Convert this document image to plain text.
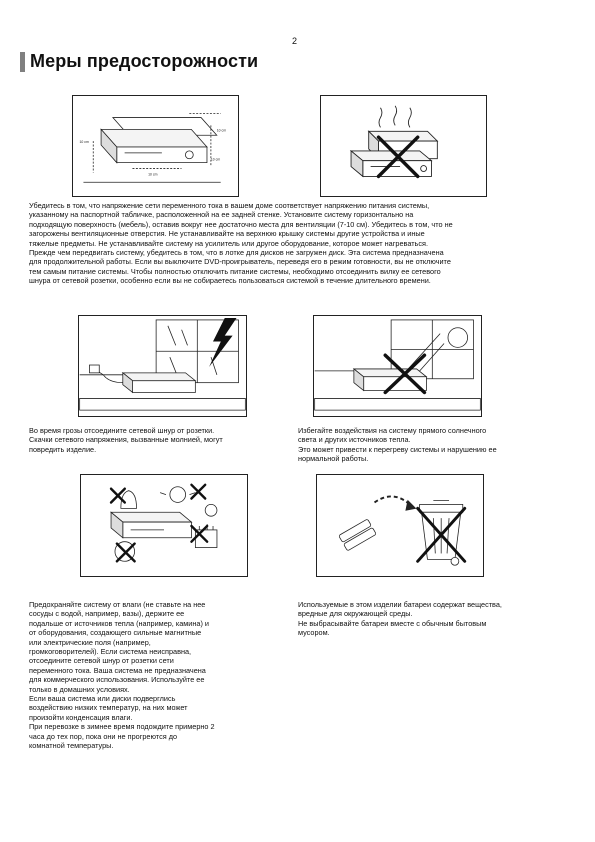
2
Меры предосторожности
10 cm
10 cm
10 cm
10 cm

Убедитесь в том, что напряжение сети переменного тока в вашем доме соответствует напряжению питания системы,

указанному на паспортной табличке, расположенной на ее задней стенке. Установите систему горизонтально на

подходящую поверхность (мебель), оставив вокруг нее достаточно места для вентиляции (7-10 см). Убедитесь в том, что не

загорожены вентиляционные отверстия. Не устанавливайте на верхнюю крышку системы другие устройства и иные

тяжелые предметы. Не устанавливайте систему на усилитель или другое оборудование, которое может нагреваться.

Прежде чем передвигать систему, убедитесь в том, что в лотке для дисков не загружен диск. Эта система предназначена

для продолжительной работы. Если вы выключите DVD-проигрыватель, переведя его в режим готовности, вы не отключите

тем самым питание системы. Чтобы полностью отключить питание системы, необходимо отсоединить вилку ее сетевого

шнура от сетевой розетки, особенно если вы не собираетесь пользоваться системой в течение длительного времени.

Во время грозы отсоедините сетевой шнур от розетки.

Скачки сетевого напряжения, вызванные молнией, могут

повредить изделие.

Избегайте воздействия на систему прямого солнечного

света и других источников тепла.

Это может привести к перегреву системы и нарушению ее

нормальной работы.

Предохраняйте систему от влаги (не ставьте на нее

сосуды с водой, например, вазы), держите ее

подальше от источников тепла (например, камина) и

от оборудования, создающего сильные магнитные

или электрические поля (например,

громкоговорителей). Если система неисправна,

отсоедините сетевой шнур от розетки сети

переменного тока. Ваша система не предназначена

для коммерческого использования. Используйте ее

только в домашних условиях.

Если ваша система или диски подверглись

воздействию низких температур, на них может

произойти конденсация влаги.

При перевозке в зимнее время подождите примерно 2

часа до тех пор, пока они не прогреются до

комнатной температуры.

Используемые в этом изделии батареи содержат вещества,

вредные для окружающей среды.

Не выбрасывайте батареи вместе с обычным бытовым

мусором.
